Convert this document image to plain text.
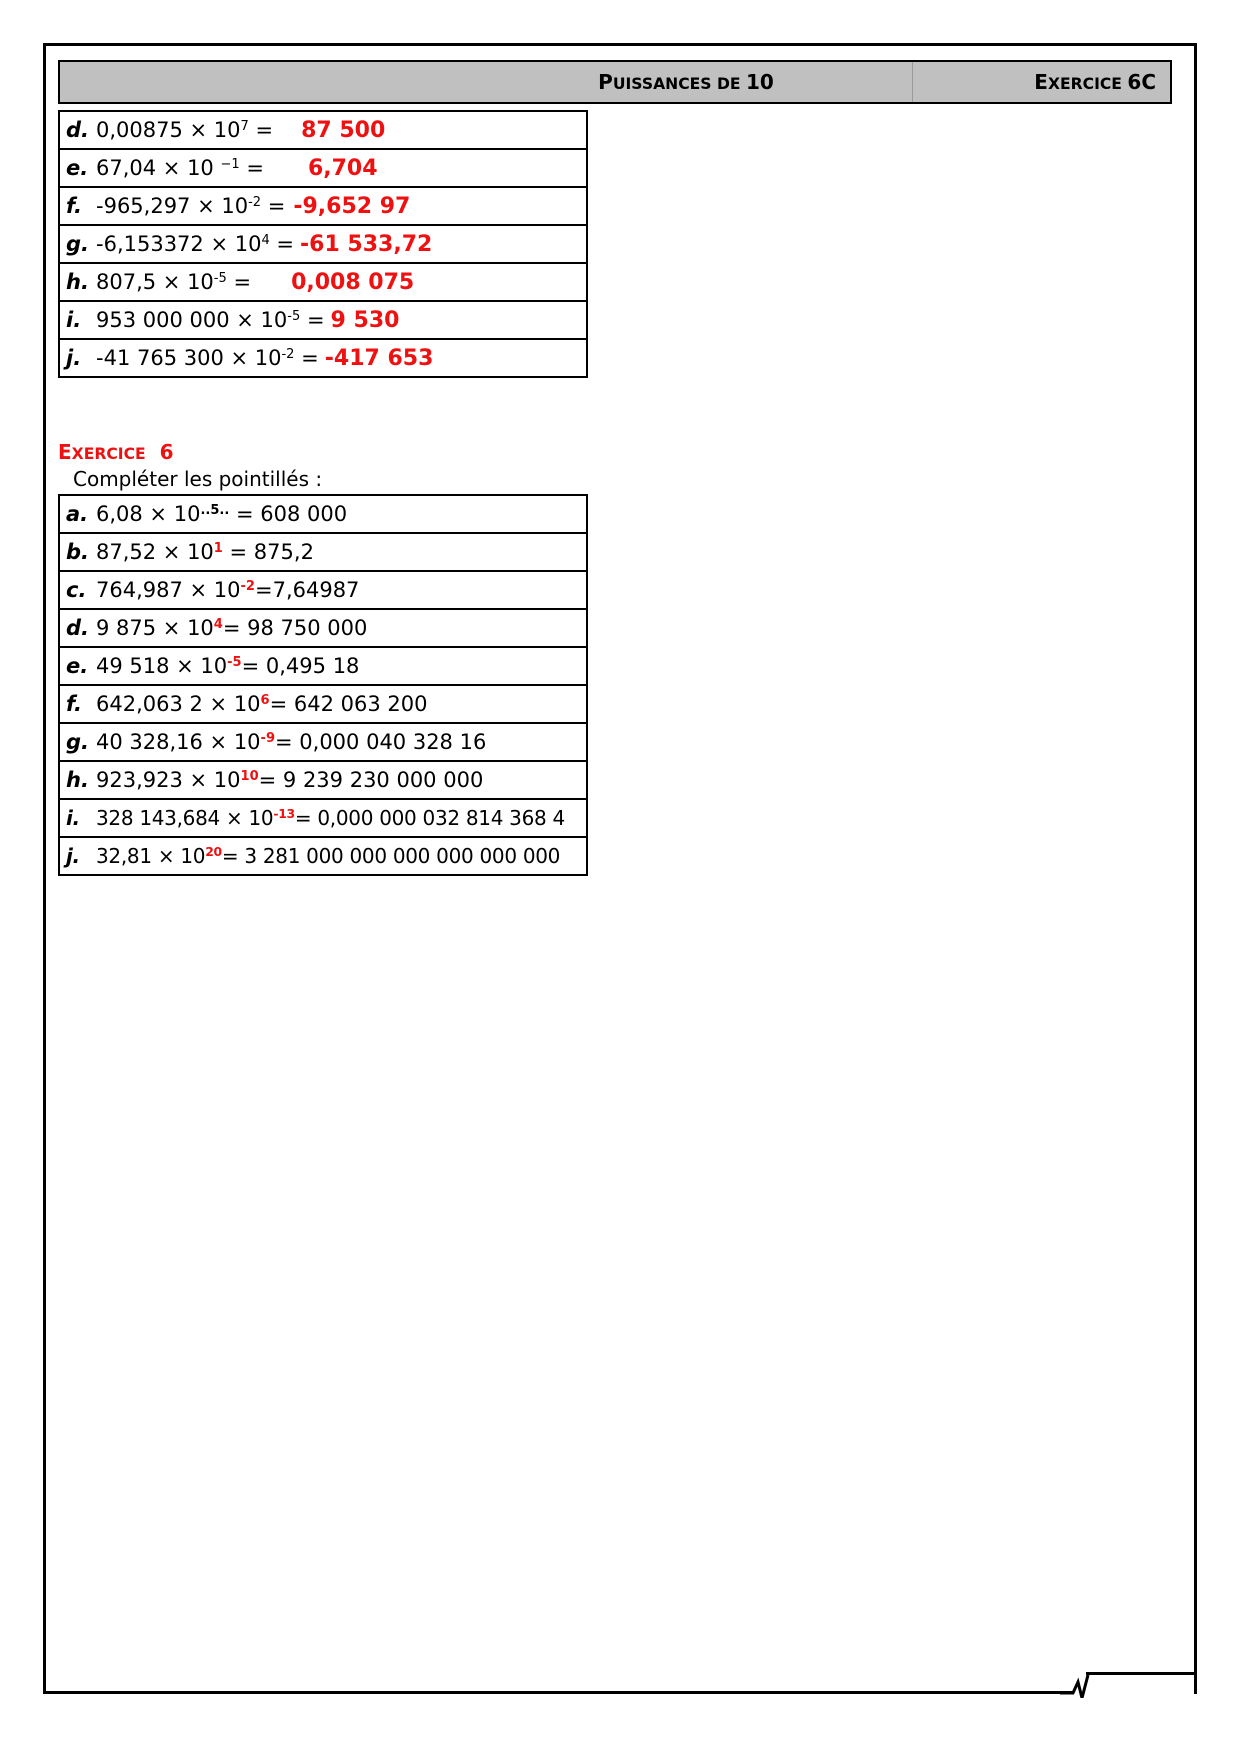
PUISSANCES DE 10	EXERCICE 6C
d. $0,00875 \times 10^7 = 87$ 500
e. 67,04 × 10 $^{-1}$ = 6,704
f. $-965,297 \times 10^{-2} = -9,652$ 97
g. $-6,153372 \times 10^4 = -61$ 533,72
h. $807,5 \times 10^{-5} = 0,008$ 075
i. 953 000 $000 \times 10^{-5} = 9$ 530
j. -41 765 $300 \times 10^{-2} = -417$ 653
EXERCICE 6
Compléter les pointillés :
a. $6,08 \times 10^{..5..} = 608$ 000
b. $87,52 \times 10^1 = 875,2$
c. $764,987 \times 10^{-2}=7,64987$
d. 9 $875 \times 10^4= 98$ 750 000
e. 49 $518 \times 10^{-5}= 0,495$ 18
f. 642,063 $2 \times 10^6= 642$ 063 200
g. 40 $328,16 \times 10^{-9}= 0,000$ 040 328 16
h. $923,923 \times 10^{10}= 9$ 239 230 000 000
i. 328 $143,684 \times 10^{-13}= 0,000$ 000 032 814 368 4
j. $32,81 \times 10^{20}= 3$ 281 000 000 000 000 000 000
